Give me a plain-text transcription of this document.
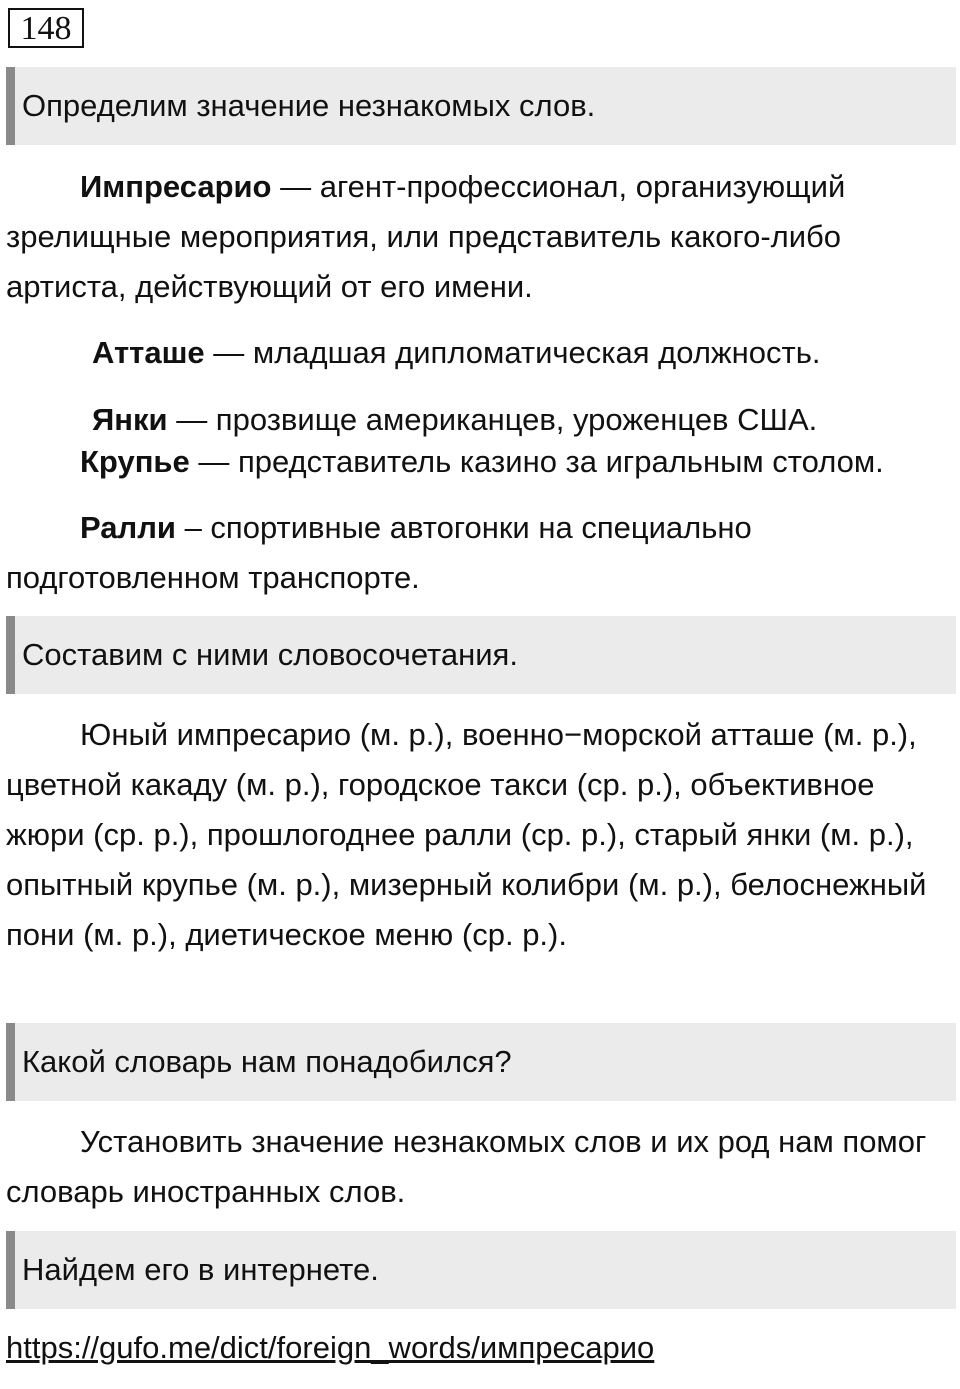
148
Определим значение незнакомых слов.
Импресарио — агент-профессионал, организующий зрелищные мероприятия, или представитель какого-либо артиста, действующий от его имени.
Атташе — младшая дипломатическая должность.
Янки — прозвище американцев, уроженцев США.
Крупье — представитель казино за игральным столом.
Ралли – спортивные автогонки на специально подготовленном транспорте.
Составим с ними словосочетания.
Юный импресарио (м. р.), военно−морской атташе (м. р.), цветной какаду (м. р.), городское такси (ср. р.), объективное жюри (ср. р.), прошлогоднее ралли (ср. р.), старый янки (м. р.), опытный крупье (м. р.), мизерный колибри (м. р.), белоснежный пони (м. р.), диетическое меню (ср. р.).
Какой словарь нам понадобился?
Установить значение незнакомых слов и их род нам помог словарь иностранных слов.
Найдем его в интернете.
https://gufo.me/dict/foreign_words/импресарио
